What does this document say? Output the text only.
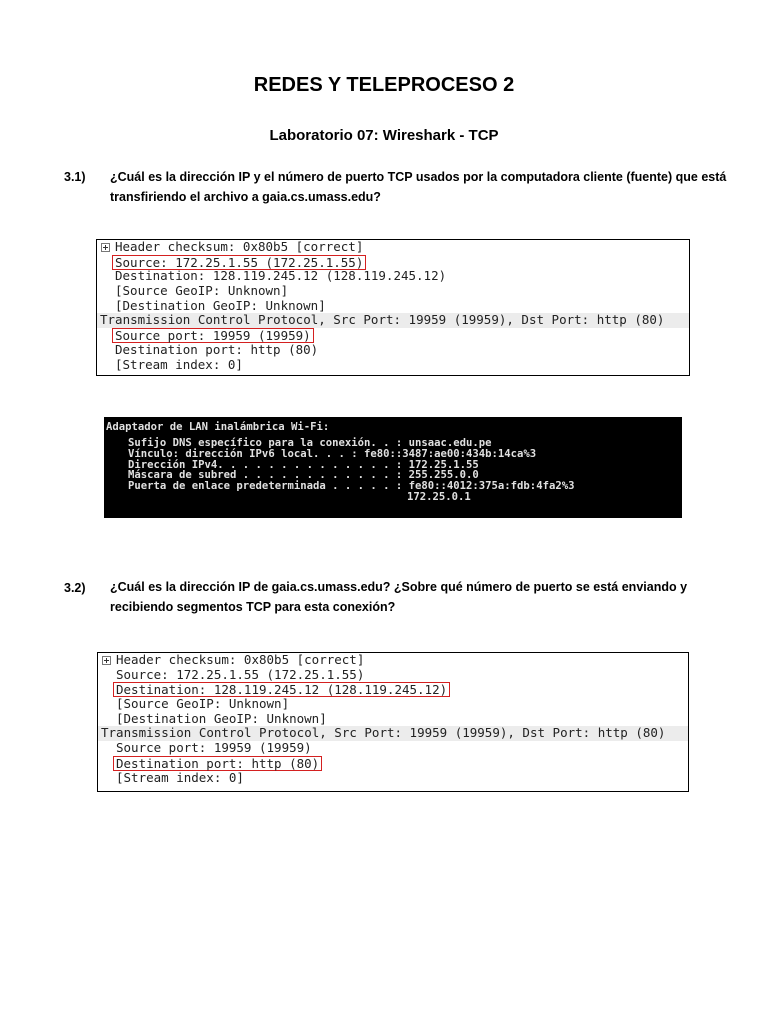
REDES Y TELEPROCESO 2
Laboratorio 07: Wireshark - TCP
3.1) ¿Cuál es la dirección IP y el número de puerto TCP usados por la computadora cliente (fuente) que está
transfiriendo el archivo a gaia.cs.umass.edu?
Header checksum: 0x80b5 [correct]
Source: 172.25.1.55 (172.25.1.55)
Destination: 128.119.245.12 (128.119.245.12)
[Source GeoIP: Unknown]
[Destination GeoIP: Unknown]
Transmission Control Protocol, Src Port: 19959 (19959), Dst Port: http (80)
Source port: 19959 (19959)
Destination port: http (80)
[Stream index: 0]
Adaptador de LAN inalámbrica Wi-Fi:
Sufijo DNS específico para la conexión. . : unsaac.edu.pe
Vínculo: dirección IPv6 local. . . : fe80::3487:ae00:434b:14ca%3
Dirección IPv4. . . . . . . . . . . . . . : 172.25.1.55
Máscara de subred . . . . . . . . . . . . : 255.255.0.0
Puerta de enlace predeterminada . . . . . : fe80::4012:375a:fdb:4fa2%3
172.25.0.1
3.2) ¿Cuál es la dirección IP de gaia.cs.umass.edu? ¿Sobre qué número de puerto se está enviando y
recibiendo segmentos TCP para esta conexión?
Header checksum: 0x80b5 [correct]
Source: 172.25.1.55 (172.25.1.55)
Destination: 128.119.245.12 (128.119.245.12)
[Source GeoIP: Unknown]
[Destination GeoIP: Unknown]
Transmission Control Protocol, Src Port: 19959 (19959), Dst Port: http (80)
Source port: 19959 (19959)
Destination port: http (80)
[Stream index: 0]
